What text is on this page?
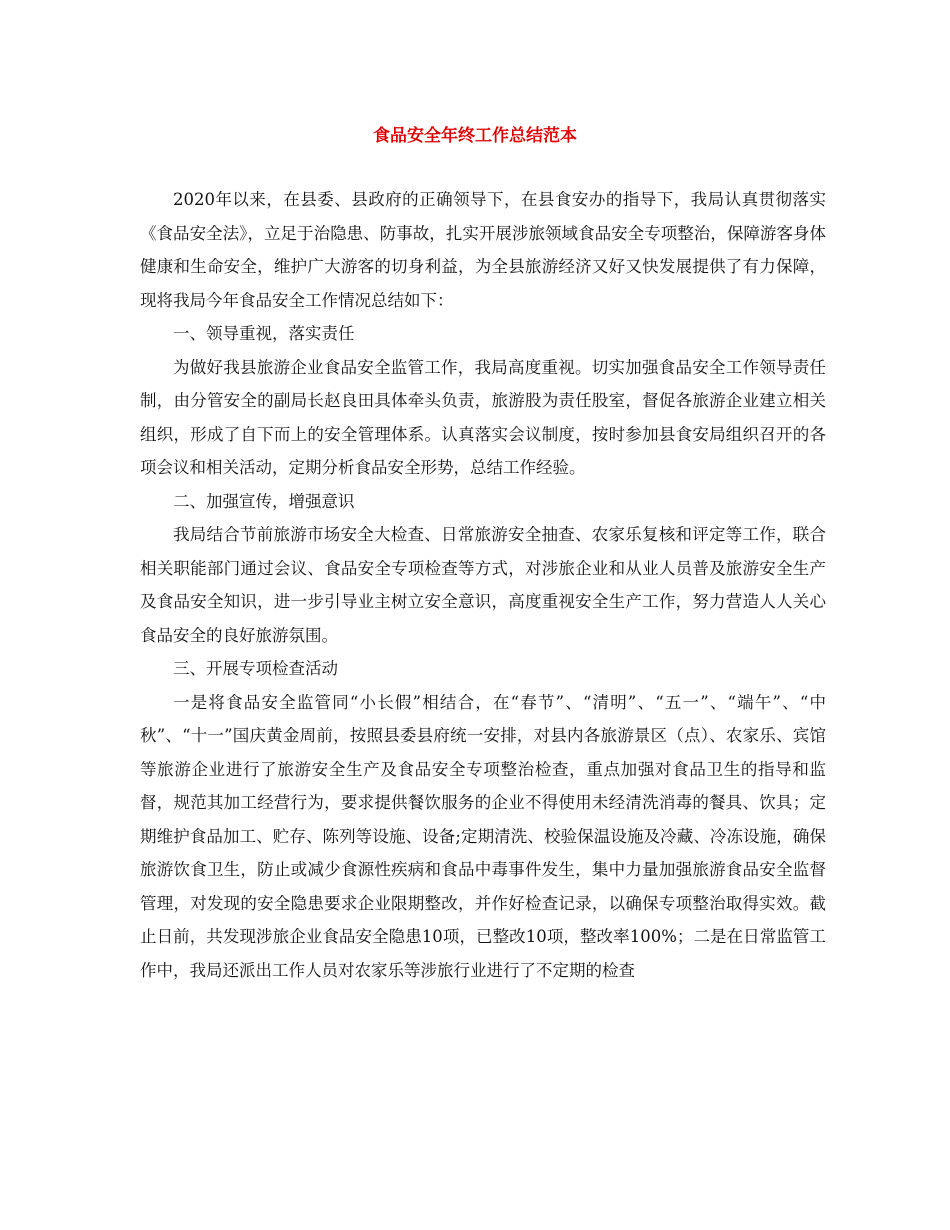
食品安全年终工作总结范本

2020年以来，在县委、县政府的正确领导下，在县食安办的指导下，我局认真贯彻落实《食品安全法》，立足于治隐患、防事故，扎实开展涉旅领域食品安全专项整治，保障游客身体健康和生命安全，维护广大游客的切身利益，为全县旅游经济又好又快发展提供了有力保障，现将我局今年食品安全工作情况总结如下：

一、领导重视，落实责任

为做好我县旅游企业食品安全监管工作，我局高度重视。切实加强食品安全工作领导责任制，由分管安全的副局长赵良田具体牵头负责，旅游股为责任股室，督促各旅游企业建立相关组织，形成了自下而上的安全管理体系。认真落实会议制度，按时参加县食安局组织召开的各项会议和相关活动，定期分析食品安全形势，总结工作经验。

二、加强宣传，增强意识

我局结合节前旅游市场安全大检查、日常旅游安全抽查、农家乐复核和评定等工作，联合相关职能部门通过会议、食品安全专项检查等方式，对涉旅企业和从业人员普及旅游安全生产及食品安全知识，进一步引导业主树立安全意识，高度重视安全生产工作，努力营造人人关心食品安全的良好旅游氛围。

三、开展专项检查活动

一是将食品安全监管同“小长假”相结合，在“春节”、“清明”、“五一”、“端午”、“中秋”、“十一”国庆黄金周前，按照县委县府统一安排，对县内各旅游景区（点）、农家乐、宾馆等旅游企业进行了旅游安全生产及食品安全专项整治检查，重点加强对食品卫生的指导和监督，规范其加工经营行为，要求提供餐饮服务的企业不得使用未经清洗消毒的餐具、饮具；定期维护食品加工、贮存、陈列等设施、设备;定期清洗、校验保温设施及冷藏、冷冻设施，确保旅游饮食卫生，防止或减少食源性疾病和食品中毒事件发生，集中力量加强旅游食品安全监督管理，对发现的安全隐患要求企业限期整改，并作好检查记录，以确保专项整治取得实效。截止日前，共发现涉旅企业食品安全隐患10项，已整改10项，整改率100%；二是在日常监管工作中，我局还派出工作人员对农家乐等涉旅行业进行了不定期的检查
